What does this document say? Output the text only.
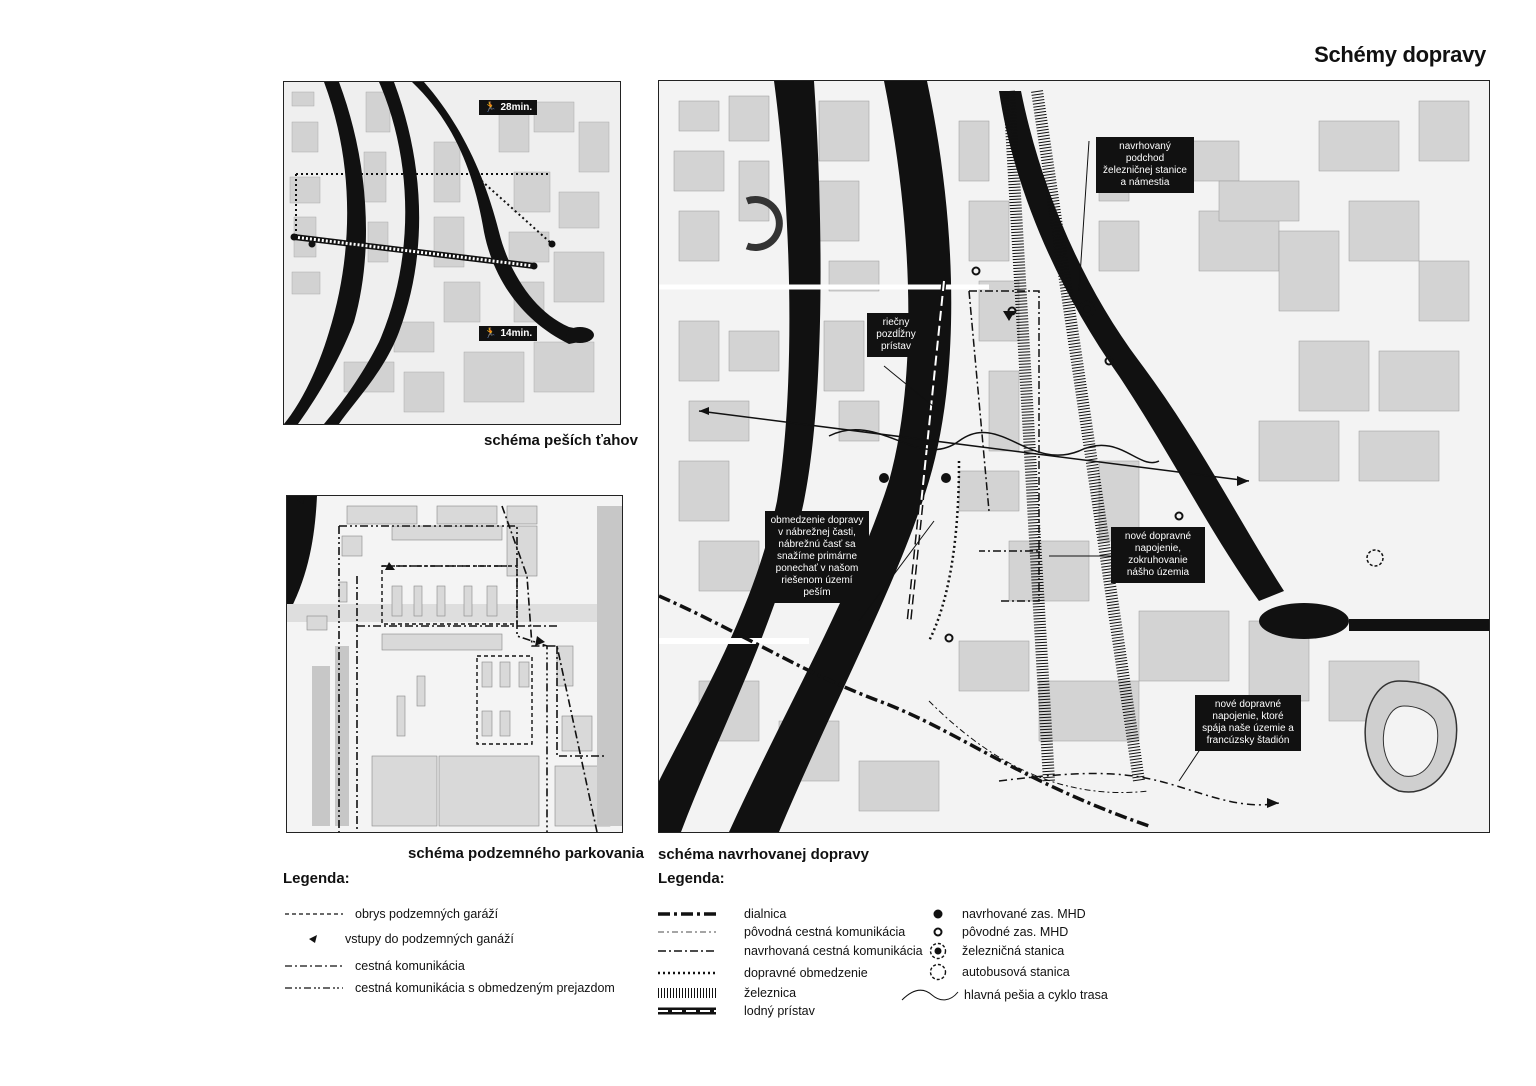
Schémy dopravy
🏃 28min.
🏃 14min.
schéma peších ťahov
schéma podzemného parkovania
navrhovaný podchod železničnej stanice a námestia
riečny pozdĺžny prístav
obmedzenie dopravy v nábrežnej časti, nábrežnú časť sa snažíme primárne ponechať v našom riešenom území peším
nové dopravné napojenie, zokruhovanie nášho územia
nové dopravné napojenie, ktoré spája naše územie a francúzsky štadión
schéma navrhovanej dopravy
Legenda:
obrys podzemných garáží
vstupy do podzemných ganáží
cestná komunikácia
cestná komunikácia s obmedzeným prejazdom
Legenda:
dialnica
pôvodná cestná komunikácia
navrhovaná cestná komunikácia
dopravné obmedzenie
železnica
lodný prístav
navrhované zas. MHD
pôvodné zas. MHD
železničná stanica
autobusová stanica
hlavná pešia a cyklo trasa
